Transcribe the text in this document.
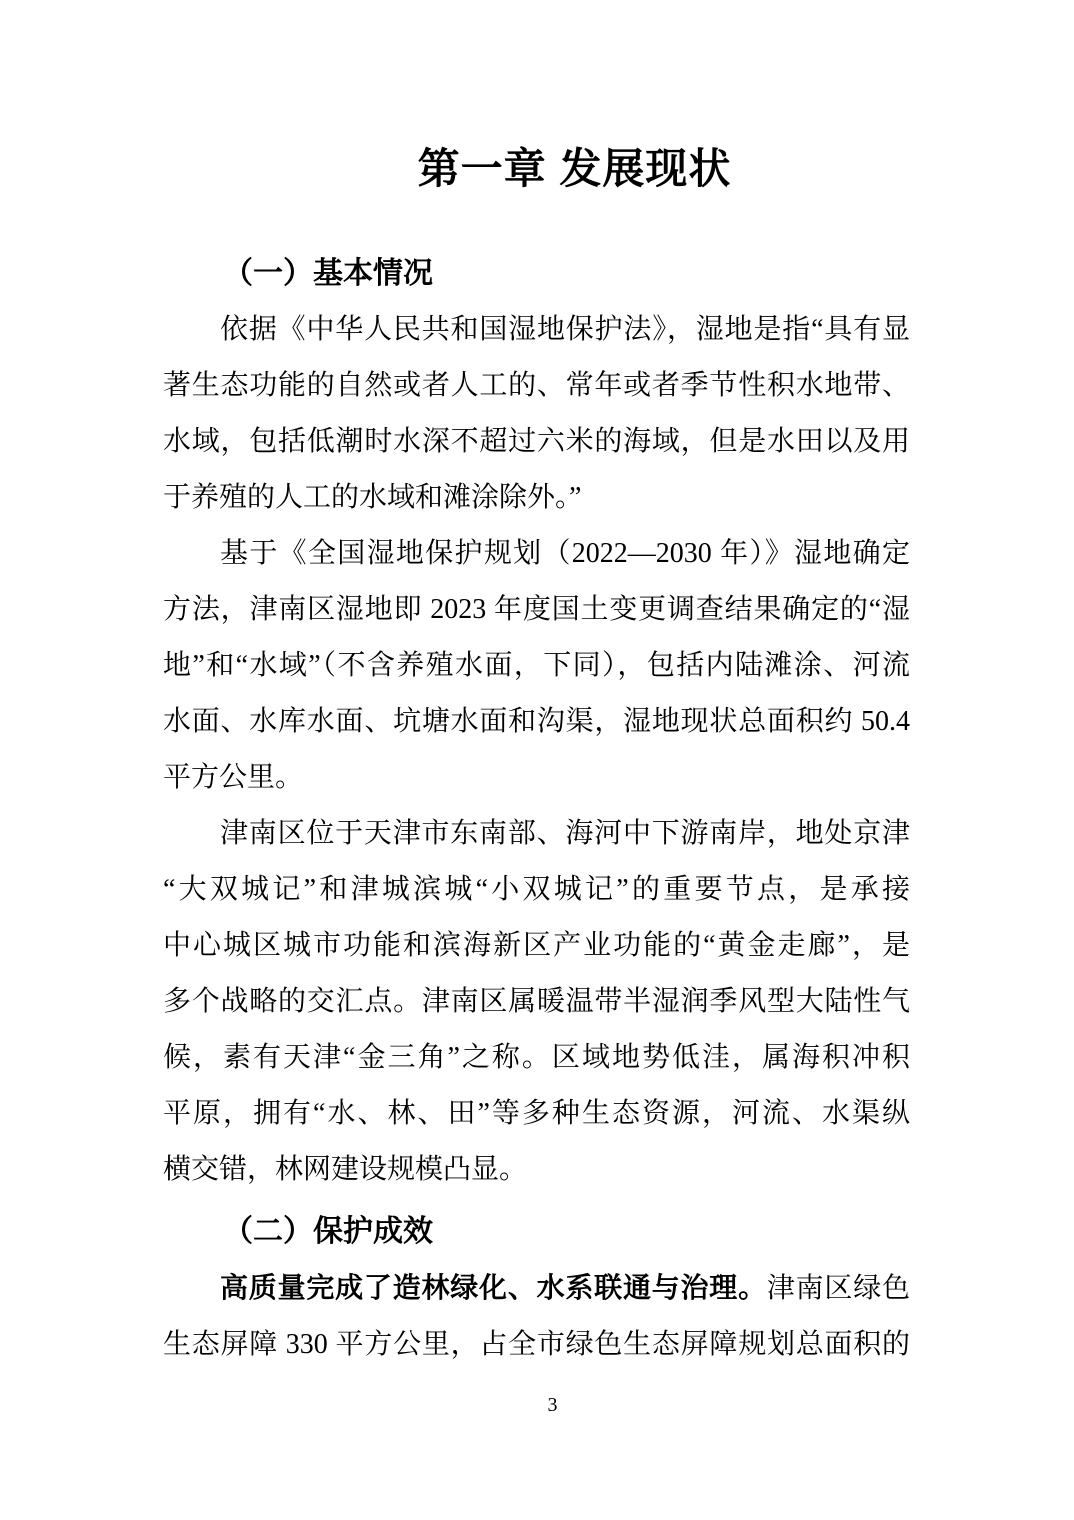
第一章 发展现状
（一）基本情况
依据《中华人民共和国湿地保护法》，湿地是指“具有显
著生态功能的自然或者人工的、常年或者季节性积水地带、
水域，包括低潮时水深不超过六米的海域，但是水田以及用
于养殖的人工的水域和滩涂除外。”
基于《全国湿地保护规划（2022—2030 年）》湿地确定
方法，津南区湿地即 2023 年度国土变更调查结果确定的“湿
地”和“水域”（不含养殖水面，下同），包括内陆滩涂、河流
水面、水库水面、坑塘水面和沟渠，湿地现状总面积约 50.4
平方公里。
津南区位于天津市东南部、海河中下游南岸，地处京津
“大双城记”和津城滨城“小双城记”的重要节点，是承接
中心城区城市功能和滨海新区产业功能的“黄金走廊”，是
多个战略的交汇点。津南区属暖温带半湿润季风型大陆性气
候，素有天津“金三角”之称。区域地势低洼，属海积冲积
平原，拥有“水、林、田”等多种生态资源，河流、水渠纵
横交错，林网建设规模凸显。
（二）保护成效
高质量完成了造林绿化、水系联通与治理。津南区绿色
生态屏障 330 平方公里，占全市绿色生态屏障规划总面积的
3
